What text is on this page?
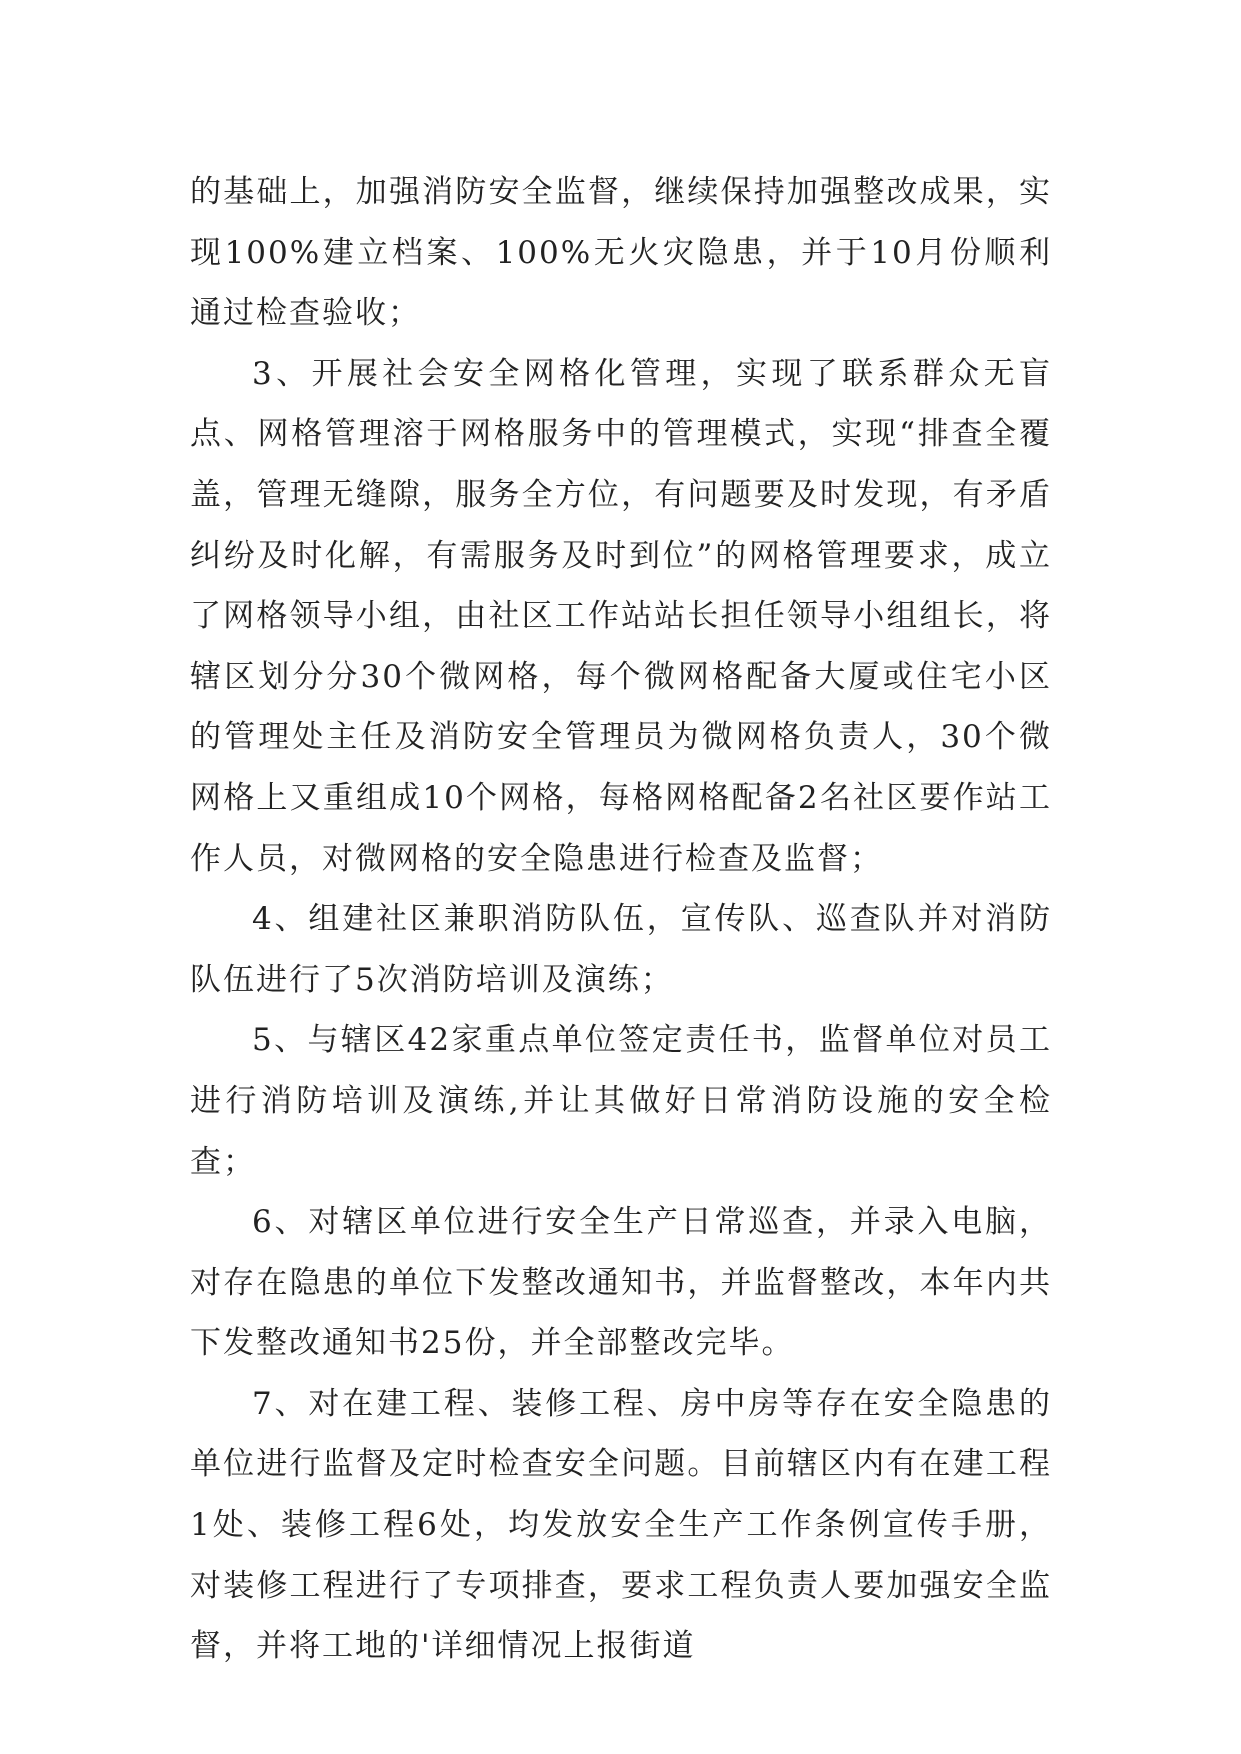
的基础上，加强消防安全监督，继续保持加强整改成果，实现100%建立档案、100%无火灾隐患，并于10月份顺利通过检查验收；

3、开展社会安全网格化管理，实现了联系群众无盲点、网格管理溶于网格服务中的管理模式，实现“排查全覆盖，管理无缝隙，服务全方位，有问题要及时发现，有矛盾纠纷及时化解，有需服务及时到位”的网格管理要求，成立了网格领导小组，由社区工作站站长担任领导小组组长，将辖区划分分30个微网格，每个微网格配备大厦或住宅小区的管理处主任及消防安全管理员为微网格负责人，30个微网格上又重组成10个网格，每格网格配备2名社区要作站工作人员，对微网格的安全隐患进行检查及监督；

4、组建社区兼职消防队伍，宣传队、巡查队并对消防队伍进行了5次消防培训及演练；

5、与辖区42家重点单位签定责任书，监督单位对员工进行消防培训及演练,并让其做好日常消防设施的安全检查；

6、对辖区单位进行安全生产日常巡查，并录入电脑，对存在隐患的单位下发整改通知书，并监督整改，本年内共下发整改通知书25份，并全部整改完毕。

7、对在建工程、装修工程、房中房等存在安全隐患的单位进行监督及定时检查安全问题。目前辖区内有在建工程1处、装修工程6处，均发放安全生产工作条例宣传手册，对装修工程进行了专项排查，要求工程负责人要加强安全监督，并将工地的'详细情况上报街道
